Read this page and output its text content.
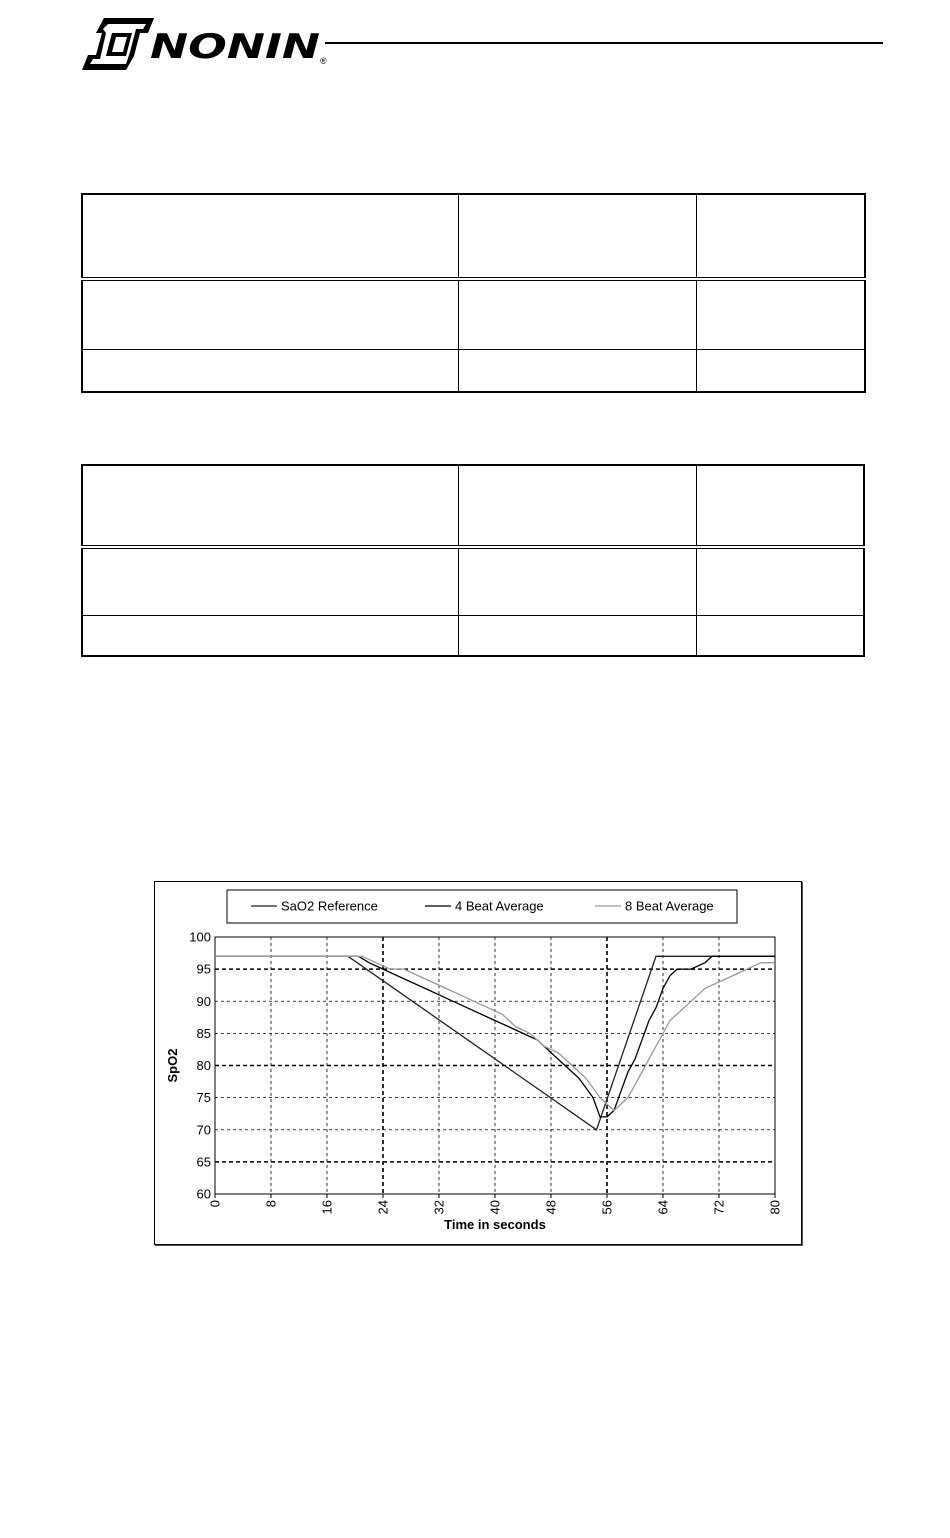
NONIN ®

SaO2 Reference	4 Beat Average	8 Beat Average
60
65
70
75
80
85
90
95
100
0	8	16	24	32	40	48	56	64	72	80
Time in seconds
SpO2
